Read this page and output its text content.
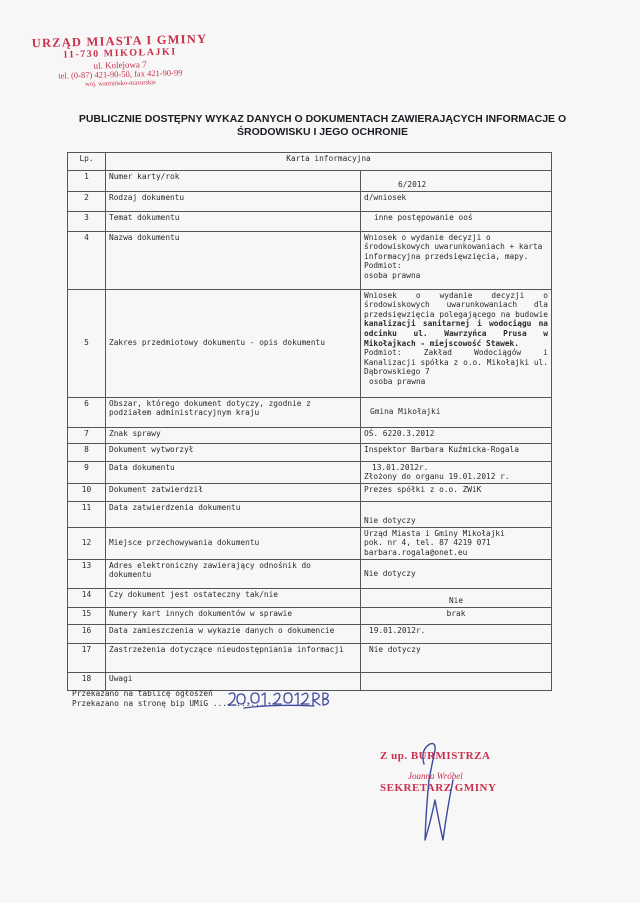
URZĄD MIASTA I GMINY
11-730 MIKOŁAJKI
ul. Kolejowa 7
tel. (0-87) 421-90-50, fax 421-90-99
woj. warmińsko-mazurskie
PUBLICZNIE DOSTĘPNY WYKAZ DANYCH O DOKUMENTACH ZAWIERAJĄCYCH INFORMACJE O
ŚRODOWISKU I JEGO OCHRONIE
Lp.	Karta informacyjna	
1	Numer karty/rok	6/2012

2	Rodzaj dokumentu	d/wniosek
3	Temat dokumentu	inne postępowanie ooś

4	Nazwa dokumentu	Wniosek o wydanie decyzji o środowiskowych uwarunkowaniach + karta informacyjna przedsięwzięcia, mapy.
Podmiot:
osoba prawna

5	Zakres przedmiotowy dokumentu - opis dokumentu	Wniosek o wydanie decyzji o środowiskowych uwarunkowaniach dla przedsięwzięcia polegającego na budowie kanalizacji sanitarnej i wodociągu na odcinku ul. Wawrzyńca Prusa w Mikołajkach - miejscowość Stawek.
Podmiot: Zakład Wodociągów i Kanalizacji spółka z o.o. Mikołajki ul. Dąbrowskiego 7
osoba prawna

6	Obszar, którego dokument dotyczy, zgodnie z podziałem administracyjnym kraju	Gmina Mikołajki

7	Znak sprawy	OŚ. 6220.3.2012
8	Dokument wytworzył	Inspektor Barbara Kuźmicka-Rogala
9	Data dokumentu	13.01.2012r.
Złożony do organu 19.01.2012 r.

10	Dokument zatwierdził	Prezes spółki z o.o. ZWiK
11	Data zatwierdzenia dokumentu	Nie dotyczy
12	Miejsce przechowywania dokumentu	Urząd Miasta i Gminy Mikołajki
pok. nr 4, tel. 87 4219 071
barbara.rogala@onet.eu

13	Adres elektroniczny zawierający odnośnik do dokumentu	Nie dotyczy
14	Czy dokument jest ostateczny tak/nie	Nie
15	Numery kart innych dokumentów w sprawie	brak
16	Data zamieszczenia w wykazie danych o dokumencie	19.01.2012r.

17	Zastrzeżenia dotyczące nieudostępniania informacji	Nie dotyczy

18	Uwagi	
Przekazano na tablicę ogłoszeń
Przekazano na stronę bip UMiG ...........
Z up. BURMISTRZA
Joanna Wróbel
SEKRETARZ GMINY
